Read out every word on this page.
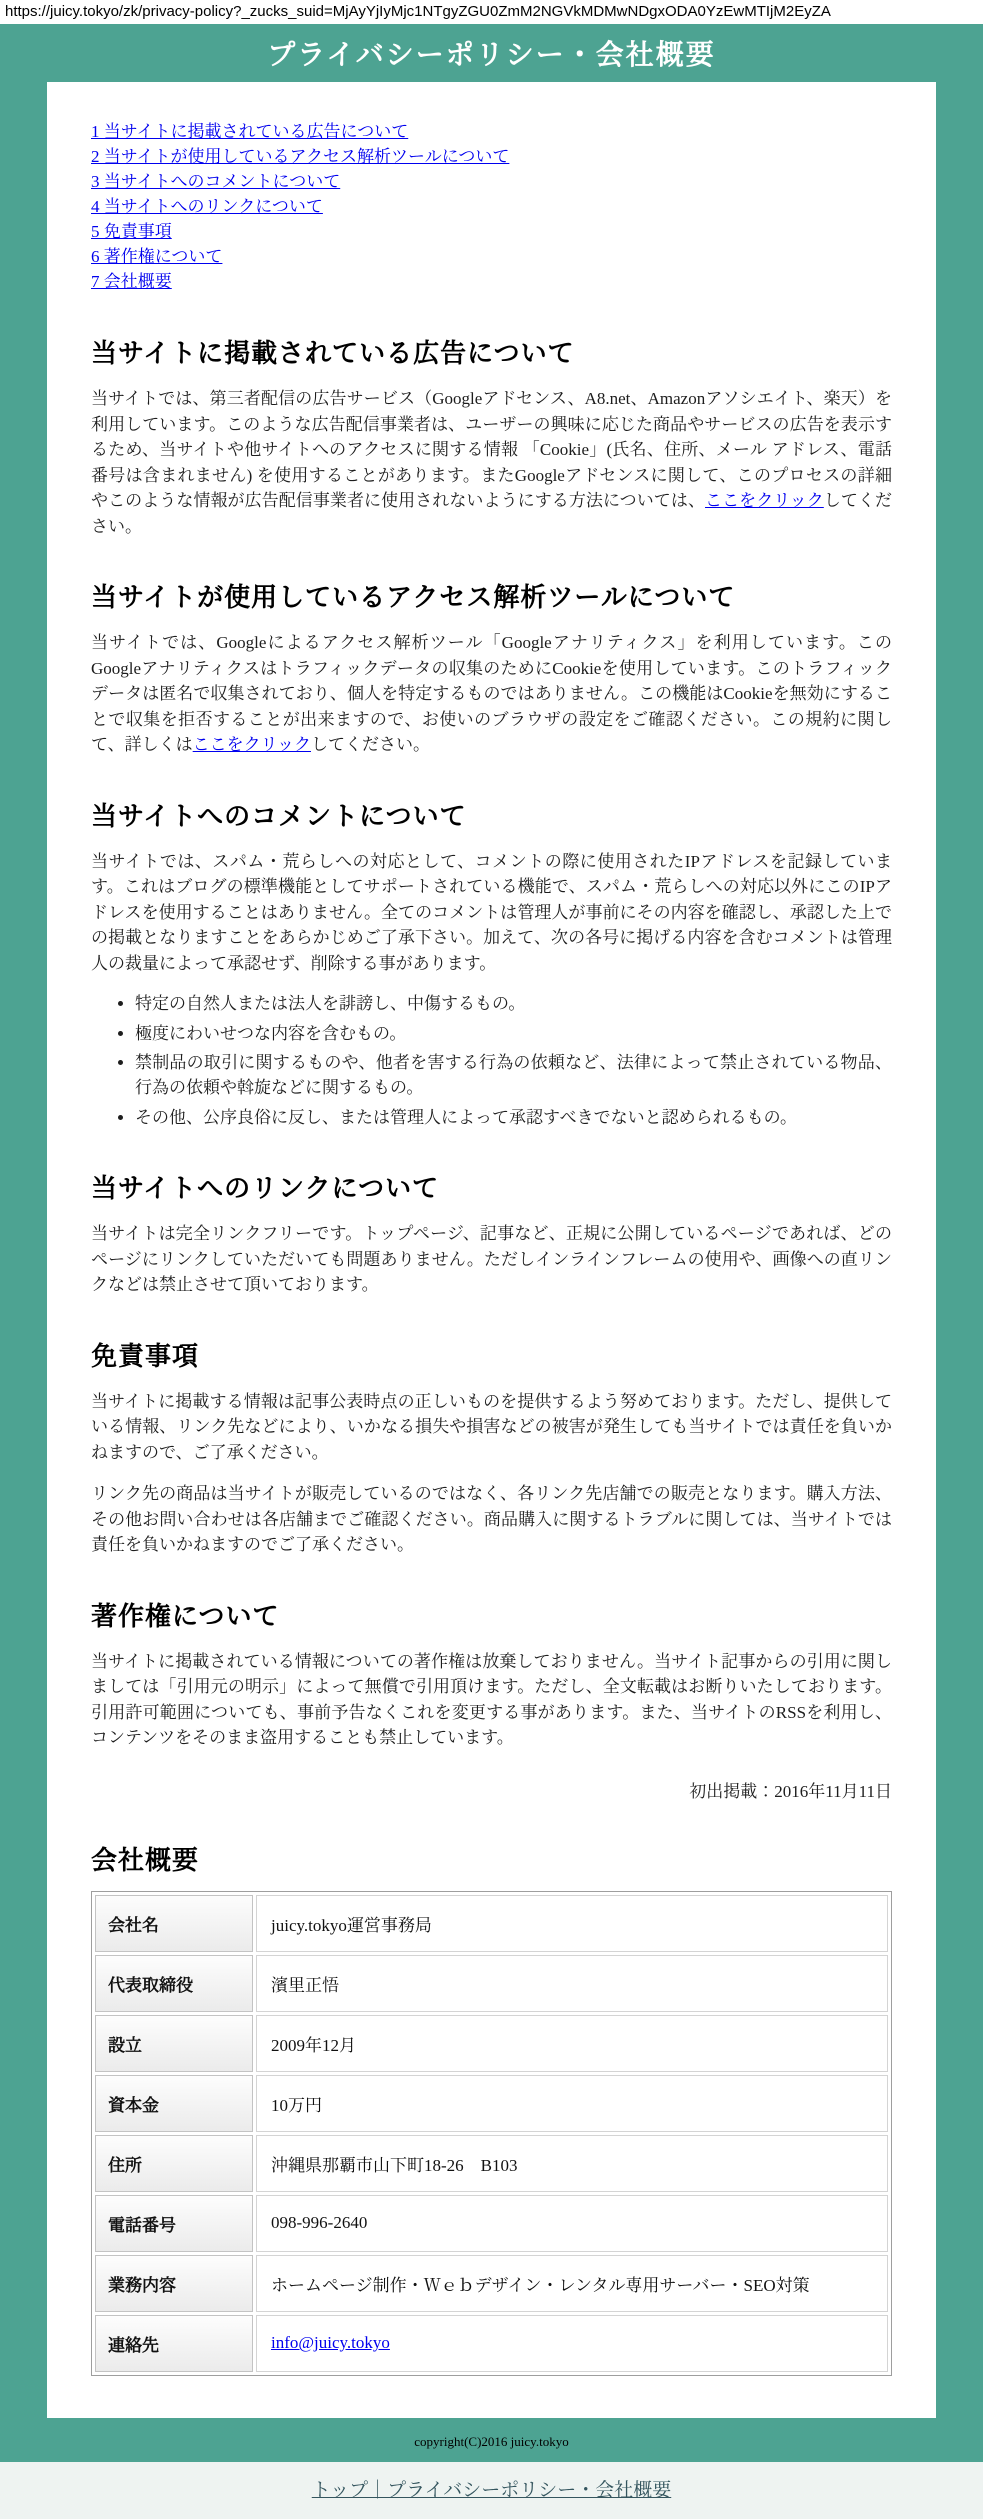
https://juicy.tokyo/zk/privacy-policy?_zucks_suid=MjAyYjIyMjc1NTgyZGU0ZmM2NGVkMDMwNDgxODA0YzEwMTIjM2EyZA
プライバシーポリシー・会社概要
1 当サイトに掲載されている広告について
2 当サイトが使用しているアクセス解析ツールについて
3 当サイトへのコメントについて
4 当サイトへのリンクについて
5 免責事項
6 著作権について
7 会社概要
当サイトに掲載されている広告について

当サイトでは、第三者配信の広告サービス（Googleアドセンス、A8.net、Amazonアソシエイト、楽天）を利用しています。このような広告配信事業者は、ユーザーの興味に応じた商品やサービスの広告を表示するため、当サイトや他サイトへのアクセスに関する情報 「Cookie」(氏名、住所、メール アドレス、電話番号は含まれません) を使用することがあります。またGoogleアドセンスに関して、このプロセスの詳細やこのような情報が広告配信事業者に使用されないようにする方法については、ここをクリックしてください。

当サイトが使用しているアクセス解析ツールについて

当サイトでは、Googleによるアクセス解析ツール「Googleアナリティクス」を利用しています。このGoogleアナリティクスはトラフィックデータの収集のためにCookieを使用しています。このトラフィックデータは匿名で収集されており、個人を特定するものではありません。この機能はCookieを無効にすることで収集を拒否することが出来ますので、お使いのブラウザの設定をご確認ください。この規約に関して、詳しくはここをクリックしてください。

当サイトへのコメントについて

当サイトでは、スパム・荒らしへの対応として、コメントの際に使用されたIPアドレスを記録しています。これはブログの標準機能としてサポートされている機能で、スパム・荒らしへの対応以外にこのIPアドレスを使用することはありません。全てのコメントは管理人が事前にその内容を確認し、承認した上での掲載となりますことをあらかじめご了承下さい。加えて、次の各号に掲げる内容を含むコメントは管理人の裁量によって承認せず、削除する事があります。

• 特定の自然人または法人を誹謗し、中傷するもの。
• 極度にわいせつな内容を含むもの。
• 禁制品の取引に関するものや、他者を害する行為の依頼など、法律によって禁止されている物品、行為の依頼や斡旋などに関するもの。
• その他、公序良俗に反し、または管理人によって承認すべきでないと認められるもの。
当サイトへのリンクについて

当サイトは完全リンクフリーです。トップページ、記事など、正規に公開しているページであれば、どのページにリンクしていただいても問題ありません。ただしインラインフレームの使用や、画像への直リンクなどは禁止させて頂いております。

免責事項

当サイトに掲載する情報は記事公表時点の正しいものを提供するよう努めております。ただし、提供している情報、リンク先などにより、いかなる損失や損害などの被害が発生しても当サイトでは責任を負いかねますので、ご了承ください。

リンク先の商品は当サイトが販売しているのではなく、各リンク先店舗での販売となります。購入方法、その他お問い合わせは各店舗までご確認ください。商品購入に関するトラブルに関しては、当サイトでは責任を負いかねますのでご了承ください。

著作権について

当サイトに掲載されている情報についての著作権は放棄しておりません。当サイト記事からの引用に関しましては「引用元の明示」によって無償で引用頂けます。ただし、全文転載はお断りいたしております。引用許可範囲についても、事前予告なくこれを変更する事があります。また、当サイトのRSSを利用し、コンテンツをそのまま盗用することも禁止しています。

初出掲載：2016年11月11日

会社概要
会社名	juicy.tokyo運営事務局
代表取締役	濱里正悟
設立	2009年12月
資本金	10万円
住所	沖縄県那覇市山下町18-26　B103
電話番号	098-996-2640
業務内容	ホームページ制作・Ｗｅｂデザイン・レンタル専用サーバー・SEO対策
連絡先	info@juicy.tokyo
copyright(C)2016 juicy.tokyo
トップ｜プライバシーポリシー・会社概要
